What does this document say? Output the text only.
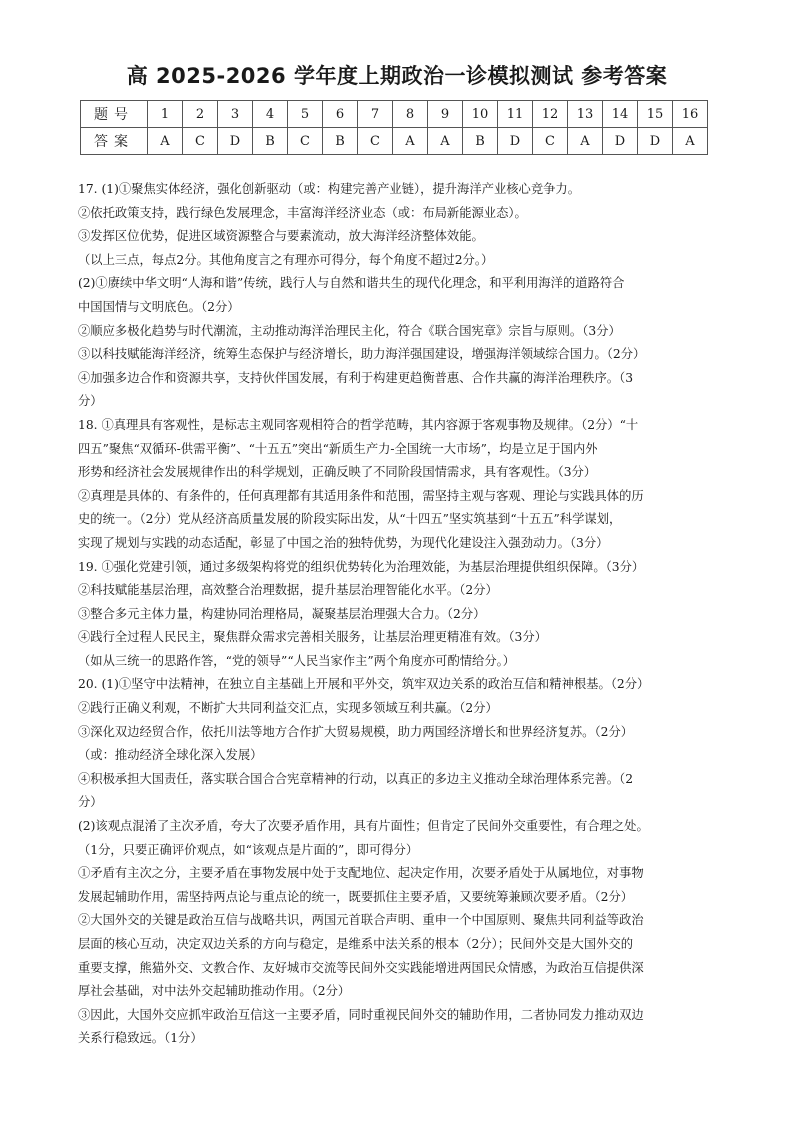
高 2025-2026 学年度上期政治一诊模拟测试 参考答案
题号	1	2	3	4	5	6	7	8	9	10	11	12	13	14	15	16
答案	A	C	D	B	C	B	C	A	A	B	D	C	A	D	D	A

17. (1)①聚焦实体经济，强化创新驱动（或：构建完善产业链），提升海洋产业核心竞争力。

②依托政策支持，践行绿色发展理念，丰富海洋经济业态（或：布局新能源业态）。

③发挥区位优势，促进区域资源整合与要素流动，放大海洋经济整体效能。

（以上三点，每点2分。其他角度言之有理亦可得分，每个角度不超过2分。）

(2)①赓续中华文明“人海和谐”传统，践行人与自然和谐共生的现代化理念，和平利用海洋的道路符合

中国国情与文明底色。（2分）

②顺应多极化趋势与时代潮流，主动推动海洋治理民主化，符合《联合国宪章》宗旨与原则。（3分）

③以科技赋能海洋经济，统筹生态保护与经济增长，助力海洋强国建设，增强海洋领域综合国力。（2分）

④加强多边合作和资源共享，支持伙伴国发展，有利于构建更趋衡普惠、合作共赢的海洋治理秩序。（3

分）

18. ①真理具有客观性，是标志主观同客观相符合的哲学范畴，其内容源于客观事物及规律。（2分）“十

四五”聚焦“双循环-供需平衡”、“十五五”突出“新质生产力-全国统一大市场”，均是立足于国内外

形势和经济社会发展规律作出的科学规划，正确反映了不同阶段国情需求，具有客观性。（3分）

②真理是具体的、有条件的，任何真理都有其适用条件和范围，需坚持主观与客观、理论与实践具体的历

史的统一。（2分）党从经济高质量发展的阶段实际出发，从“十四五”坚实筑基到“十五五”科学谋划，

实现了规划与实践的动态适配，彰显了中国之治的独特优势，为现代化建设注入强劲动力。（3分）

19. ①强化党建引领，通过多级架构将党的组织优势转化为治理效能，为基层治理提供组织保障。（3分）

②科技赋能基层治理，高效整合治理数据，提升基层治理智能化水平。（2分）

③整合多元主体力量，构建协同治理格局，凝聚基层治理强大合力。（2分）

④践行全过程人民民主，聚焦群众需求完善相关服务，让基层治理更精准有效。（3分）

（如从三统一的思路作答，“党的领导”“人民当家作主”两个角度亦可酌情给分。）

20. (1)①坚守中法精神，在独立自主基础上开展和平外交，筑牢双边关系的政治互信和精神根基。（2分）

②践行正确义利观，不断扩大共同利益交汇点，实现多领域互利共赢。（2分）

③深化双边经贸合作，依托川法等地方合作扩大贸易规模，助力两国经济增长和世界经济复苏。（2分）

（或：推动经济全球化深入发展）

④积极承担大国责任，落实联合国合合宪章精神的行动，以真正的多边主义推动全球治理体系完善。（2

分）

(2)该观点混淆了主次矛盾，夸大了次要矛盾作用，具有片面性；但肯定了民间外交重要性，有合理之处。

（1分，只要正确评价观点，如“该观点是片面的”，即可得分）

①矛盾有主次之分，主要矛盾在事物发展中处于支配地位、起决定作用，次要矛盾处于从属地位，对事物

发展起辅助作用，需坚持两点论与重点论的统一，既要抓住主要矛盾，又要统筹兼顾次要矛盾。（2分）

②大国外交的关键是政治互信与战略共识，两国元首联合声明、重申一个中国原则、聚焦共同利益等政治

层面的核心互动，决定双边关系的方向与稳定，是维系中法关系的根本（2分）；民间外交是大国外交的

重要支撑，熊猫外交、文教合作、友好城市交流等民间外交实践能增进两国民众情感，为政治互信提供深

厚社会基础，对中法外交起辅助推动作用。（2分）

③因此，大国外交应抓牢政治互信这一主要矛盾，同时重视民间外交的辅助作用，二者协同发力推动双边

关系行稳致远。（1分）
